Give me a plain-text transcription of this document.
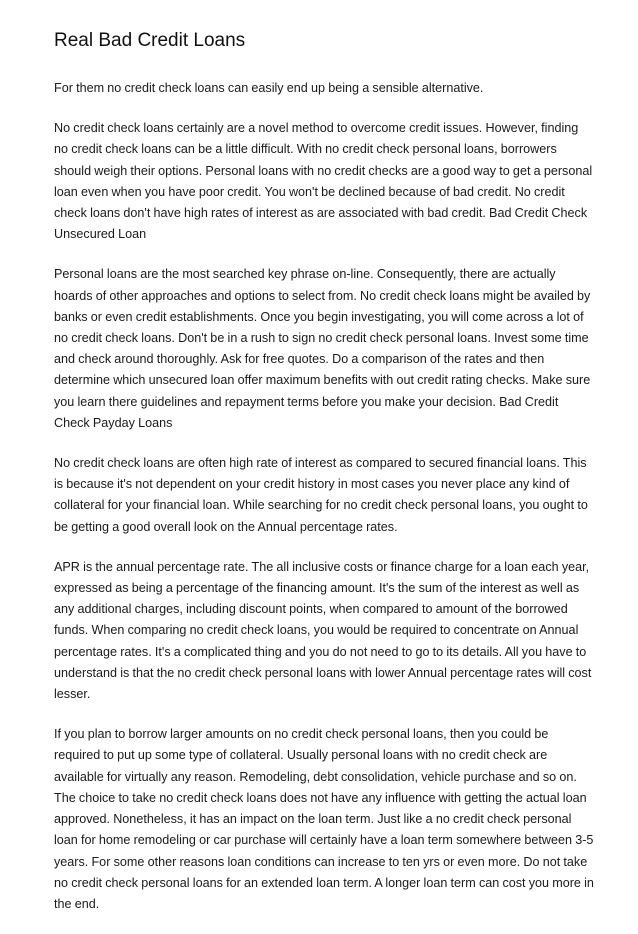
Real Bad Credit Loans

For them no credit check loans can easily end up being a sensible alternative.

No credit check loans certainly are a novel method to overcome credit issues. However, finding no credit check loans can be a little difficult. With no credit check personal loans, borrowers should weigh their options. Personal loans with no credit checks are a good way to get a personal loan even when you have poor credit. You won't be declined because of bad credit. No credit check loans don't have high rates of interest as are associated with bad credit. Bad Credit Check Unsecured Loan

Personal loans are the most searched key phrase on-line. Consequently, there are actually hoards of other approaches and options to select from. No credit check loans might be availed by banks or even credit establishments. Once you begin investigating, you will come across a lot of no credit check loans. Don't be in a rush to sign no credit check personal loans. Invest some time and check around thoroughly. Ask for free quotes. Do a comparison of the rates and then determine which unsecured loan offer maximum benefits with out credit rating checks. Make sure you learn there guidelines and repayment terms before you make your decision. Bad Credit Check Payday Loans

No credit check loans are often high rate of interest as compared to secured financial loans. This is because it's not dependent on your credit history in most cases you never place any kind of collateral for your financial loan. While searching for no credit check personal loans, you ought to be getting a good overall look on the Annual percentage rates.

APR is the annual percentage rate. The all inclusive costs or finance charge for a loan each year, expressed as being a percentage of the financing amount. It's the sum of the interest as well as any additional charges, including discount points, when compared to amount of the borrowed funds. When comparing no credit check loans, you would be required to concentrate on Annual percentage rates. It's a complicated thing and you do not need to go to its details. All you have to understand is that the no credit check personal loans with lower Annual percentage rates will cost lesser.

If you plan to borrow larger amounts on no credit check personal loans, then you could be required to put up some type of collateral. Usually personal loans with no credit check are available for virtually any reason. Remodeling, debt consolidation, vehicle purchase and so on. The choice to take no credit check loans does not have any influence with getting the actual loan approved. Nonetheless, it has an impact on the loan term. Just like a no credit check personal loan for home remodeling or car purchase will certainly have a loan term somewhere between 3-5 years. For some other reasons loan conditions can increase to ten yrs or even more. Do not take no credit check personal loans for an extended loan term. A longer loan term can cost you more in the end.
